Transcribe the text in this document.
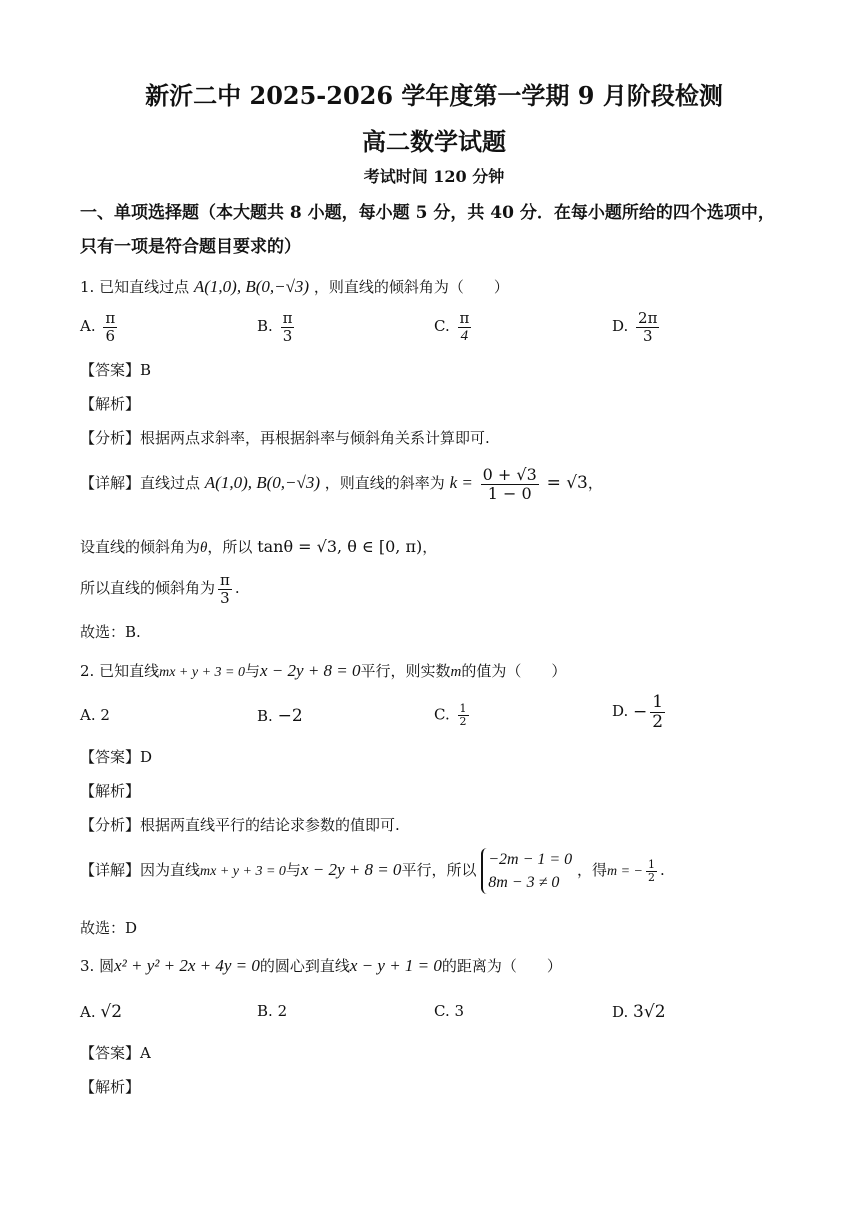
新沂二中 2025-2026 学年度第一学期 9 月阶段检测
高二数学试题
考试时间 120 分钟
一、单项选择题（本大题共 8 小题，每小题 5 分，共 40 分．在每小题所给的四个选项中，
只有一项是符合题目要求的）
1. 已知直线过点 A(1,0), B(0,−√3) ，则直线的倾斜角为（　　）
A. $\frac{\pi}{6}$	B. $\frac{\pi}{3}$	C. $\frac{\pi}{4}$	D. $\frac{2\pi}{3}$
【答案】B
【解析】
【分析】根据两点求斜率，再根据斜率与倾斜角关系计算即可.
【详解】直线过点 A(1,0), B(0,−√3) ，则直线的斜率为 $k = \frac{0 + √3}{1 - 0} = √3$，
设直线的倾斜角为θ，所以 tanθ = √3, θ ∈ [0, π)，
所以直线的倾斜角为 $\frac{\pi}{3}$ .
故选：B.
2. 已知直线mx + y + 3 = 0与x − 2y + 8 = 0平行，则实数m的值为（　　）
A. 2	B. −2	C. $\frac{1}{2}$	D. − $\frac{1}{2}$
【答案】D
【解析】
【分析】根据两直线平行的结论求参数的值即可.
【详解】因为直线mx + y + 3 = 0与x − 2y + 8 = 0平行，所以
−2m − 1 = 0
8m − 3 ≠ 0
，得m = − $\frac{1}{2}$ .
故选：D
3. 圆x² + y² + 2x + 4y = 0的圆心到直线x − y + 1 = 0的距离为（　　）
A. √2	B. 2	C. 3	D. 3√2
【答案】A
【解析】
